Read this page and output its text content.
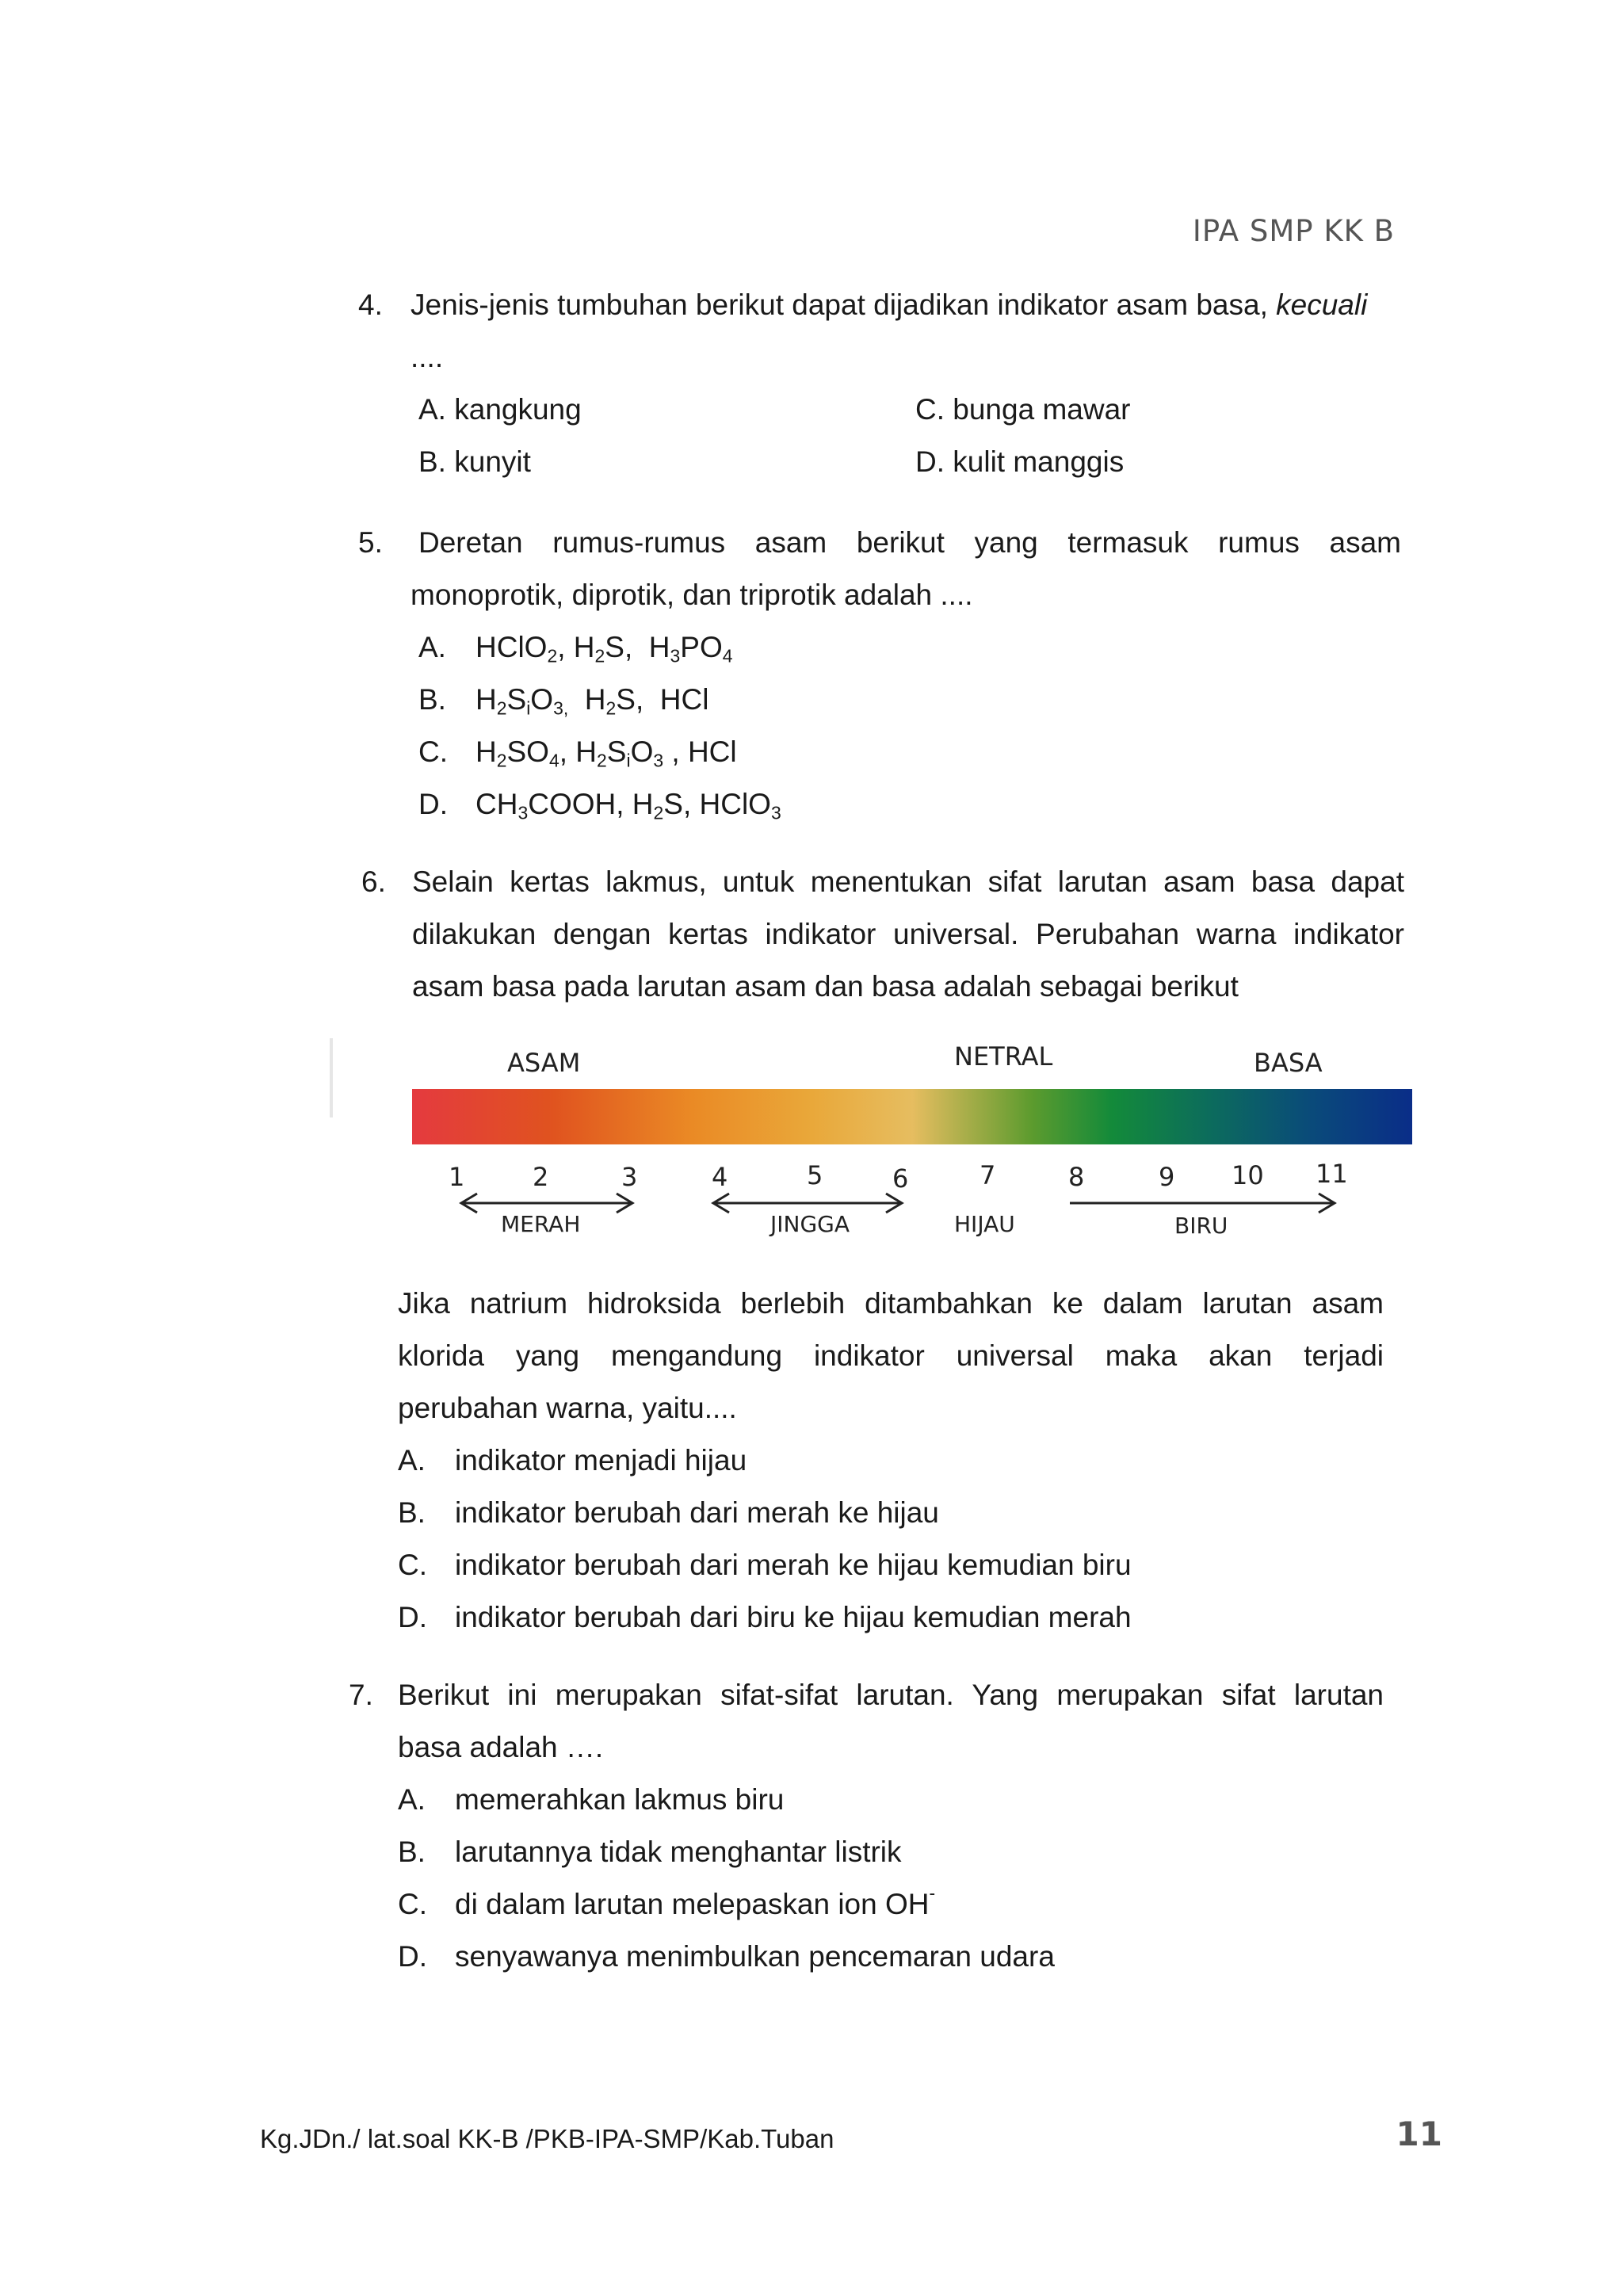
IPA SMP KK B
4. Jenis-jenis tumbuhan berikut dapat dijadikan indikator asam basa, kecuali
....
A. kangkung
B. kunyit
C. bunga mawar
D. kulit manggis
5. Deretan rumus-rumus asam berikut yang termasuk rumus asam
monoprotik, diprotik, dan triprotik adalah ....
A. HClO$_2$, $H_2S$,  $H_3PO_4$
B. $H_2S_iO_{3,}$  $H_2S$,  HCl
C. $H_2SO_4$, $H_2S_iO_3$ , HCl
D. $CH_3COOH$, $H_2S$, HClO$_3$
6. Selain kertas lakmus, untuk menentukan sifat larutan asam basa dapat
dilakukan dengan kertas indikator universal. Perubahan warna indikator
asam basa pada larutan asam dan basa adalah sebagai berikut
ASAM	NETRAL	BASA
1	2	3	4	5	6	7	8	9 10 11
MERAH	JINGGA	HIJAU	BIRU
Jika natrium hidroksida berlebih ditambahkan ke dalam larutan asam
klorida yang mengandung indikator universal maka akan terjadi
perubahan warna, yaitu....
A. indikator menjadi hijau
B. indikator berubah dari merah ke hijau
C. indikator berubah dari merah ke hijau kemudian biru
D. indikator berubah dari biru ke hijau kemudian merah
7. Berikut ini merupakan sifat-sifat larutan. Yang merupakan sifat larutan
basa adalah ….
A. memerahkan lakmus biru
B. larutannya tidak menghantar listrik
C. di dalam larutan melepaskan ion OH-
D. senyawanya menimbulkan pencemaran udara
Kg.JDn./ lat.soal KK-B /PKB-IPA-SMP/Kab.Tuban	11
